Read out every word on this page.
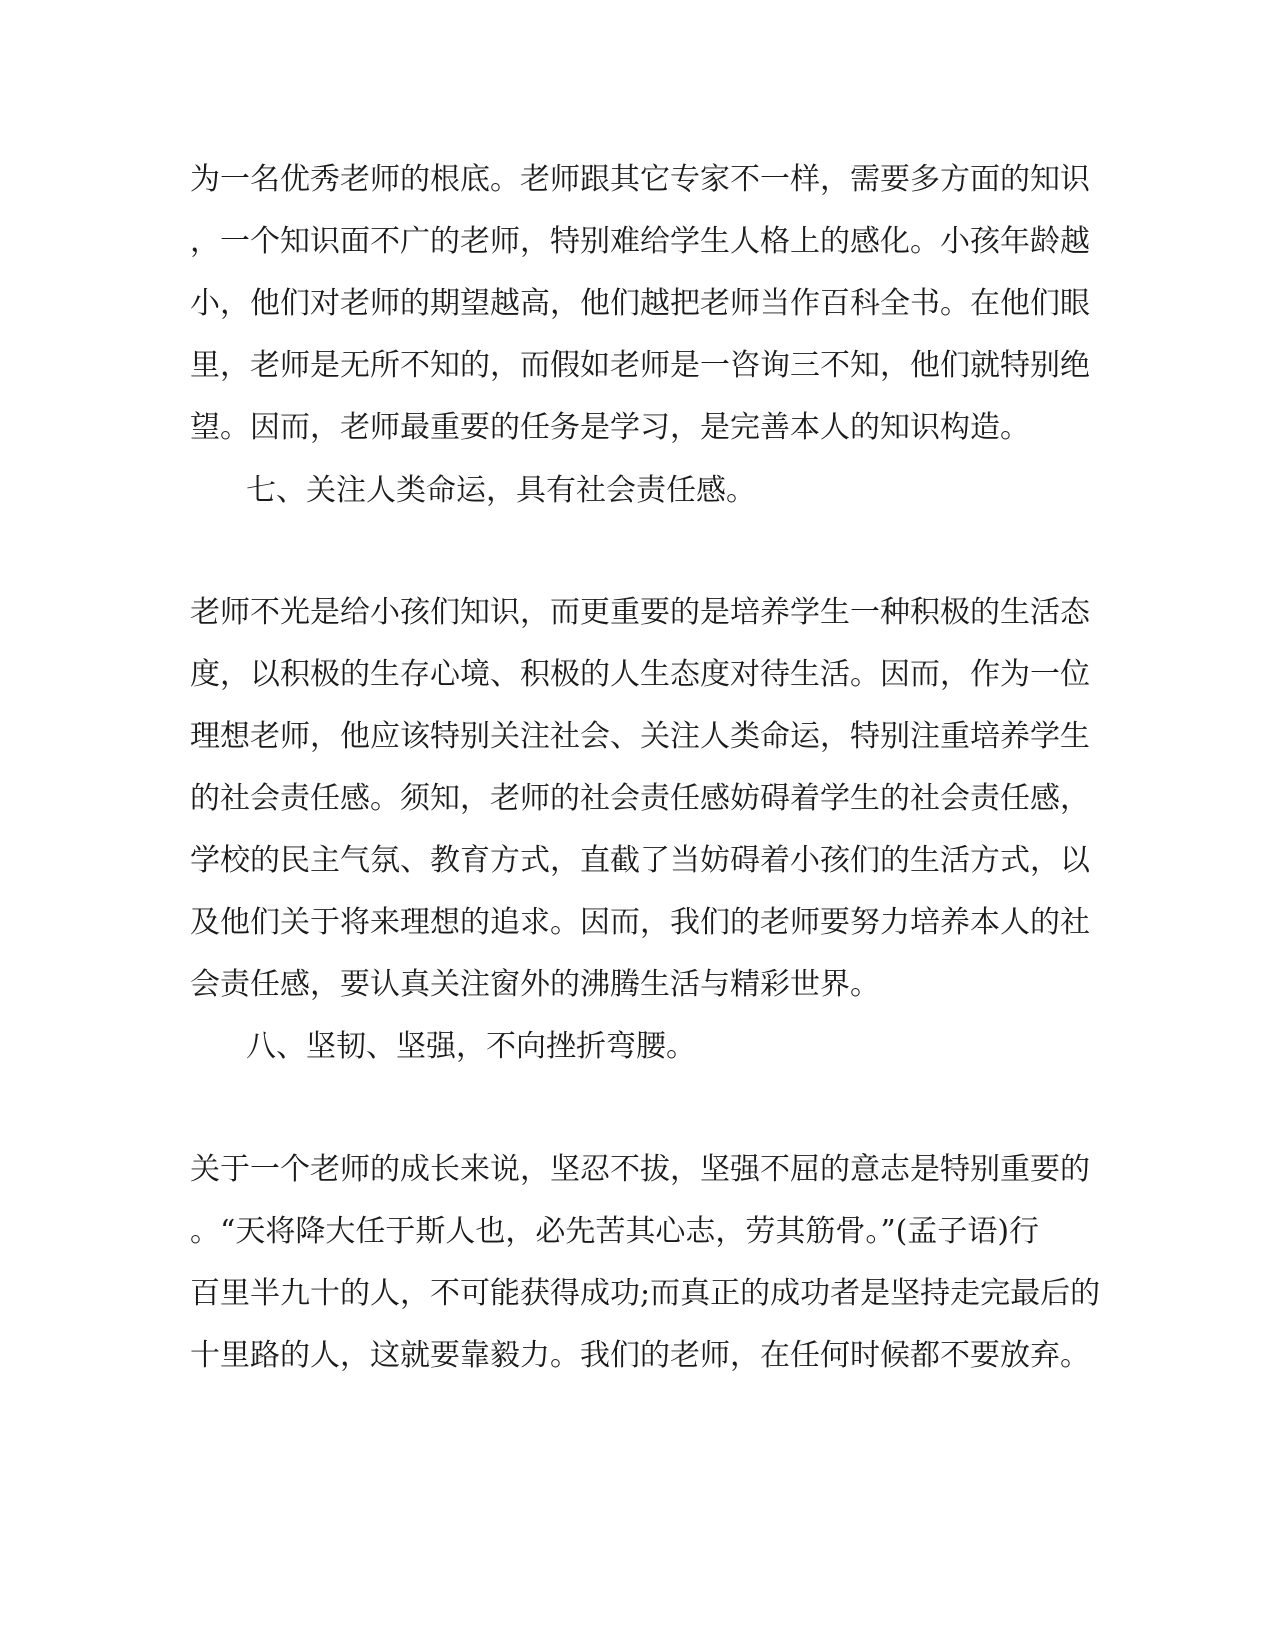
为一名优秀老师的根底。老师跟其它专家不一样，需要多方面的知识
，一个知识面不广的老师，特别难给学生人格上的感化。小孩年龄越
小，他们对老师的期望越高，他们越把老师当作百科全书。在他们眼
里，老师是无所不知的，而假如老师是一咨询三不知，他们就特别绝
望。因而，老师最重要的任务是学习，是完善本人的知识构造。
七、关注人类命运，具有社会责任感。
老师不光是给小孩们知识，而更重要的是培养学生一种积极的生活态
度，以积极的生存心境、积极的人生态度对待生活。因而，作为一位
理想老师，他应该特别关注社会、关注人类命运，特别注重培养学生
的社会责任感。须知，老师的社会责任感妨碍着学生的社会责任感，
学校的民主气氛、教育方式，直截了当妨碍着小孩们的生活方式，以
及他们关于将来理想的追求。因而，我们的老师要努力培养本人的社
会责任感，要认真关注窗外的沸腾生活与精彩世界。
八、坚韧、坚强，不向挫折弯腰。
关于一个老师的成长来说，坚忍不拔，坚强不屈的意志是特别重要的
。“天将降大任于斯人也，必先苦其心志，劳其筋骨。”(孟子语)行
百里半九十的人，不可能获得成功;而真正的成功者是坚持走完最后的
十里路的人，这就要靠毅力。我们的老师，在任何时候都不要放弃。
